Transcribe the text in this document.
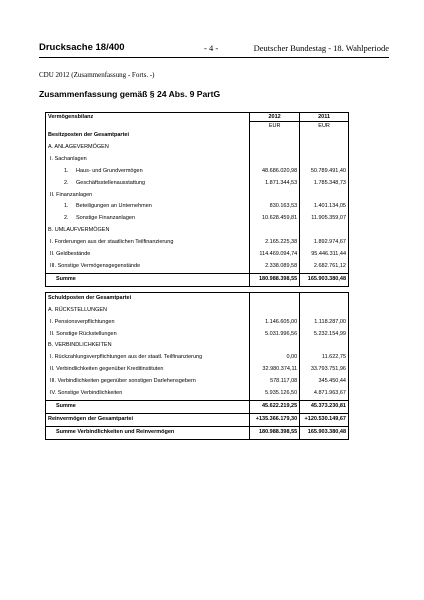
Drucksache 18/400	- 4 -	Deutscher Bundestag - 18. Wahlperiode
CDU 2012 (Zusammenfassung - Forts. -)
Zusammenfassung gemäß § 24 Abs. 9 PartG
Vermögensbilanz	2012	2011
	EUR	EUR
Besitzposten der Gesamtpartei		
A. ANLAGEVERMÖGEN		
I. Sachanlagen		
1. Haus- und Grundvermögen	48.686.020,98	50.789.491,40
2. Geschäftsstellenausstattung	1.871.344,53	1.785.348,73
II. Finanzanlagen		
1. Beteiligungen an Unternehmen	830.163,53	1.401.134,05
2. Sonstige Finanzanlagen	10.628.459,81	11.905.359,07
B. UMLAUFVERMÖGEN		
I. Forderungen aus der staatlichen Teilfinanzierung	2.165.225,38	1.892.974,67
II. Geldbestände	114.469.094,74	95.446.311,44
III. Sonstige Vermögensgegenstände	2.338.089,58	2.682.761,12
Summe	180.988.398,55	165.903.380,48

Schuldposten der Gesamtpartei		
A. RÜCKSTELLUNGEN		
I. Pensionsverpflichtungen	1.146.605,00	1.118.287,00
II. Sonstige Rückstellungen	5.031.996,56	5.232.154,99
B. VERBINDLICHKEITEN		
I. Rückzahlungsverpflichtungen aus der staatl. Teilfinanzierung	0,00	11.622,75
II. Verbindlichkeiten gegenüber Kreditinstituten	32.980.374,11	33.793.751,96
III. Verbindlichkeiten gegenüber sonstigen Darlehensgebern	578.117,08	345.450,44
IV. Sonstige Verbindlichkeiten	5.935.126,50	4.871.963,67
Summe	45.622.219,25	45.373.230,81
Reinvermögen der Gesamtpartei	+135.366.179,30	+120.530.149,67
Summe Verbindlichkeiten und Reinvermögen	180.988.398,55	165.903.380,48
